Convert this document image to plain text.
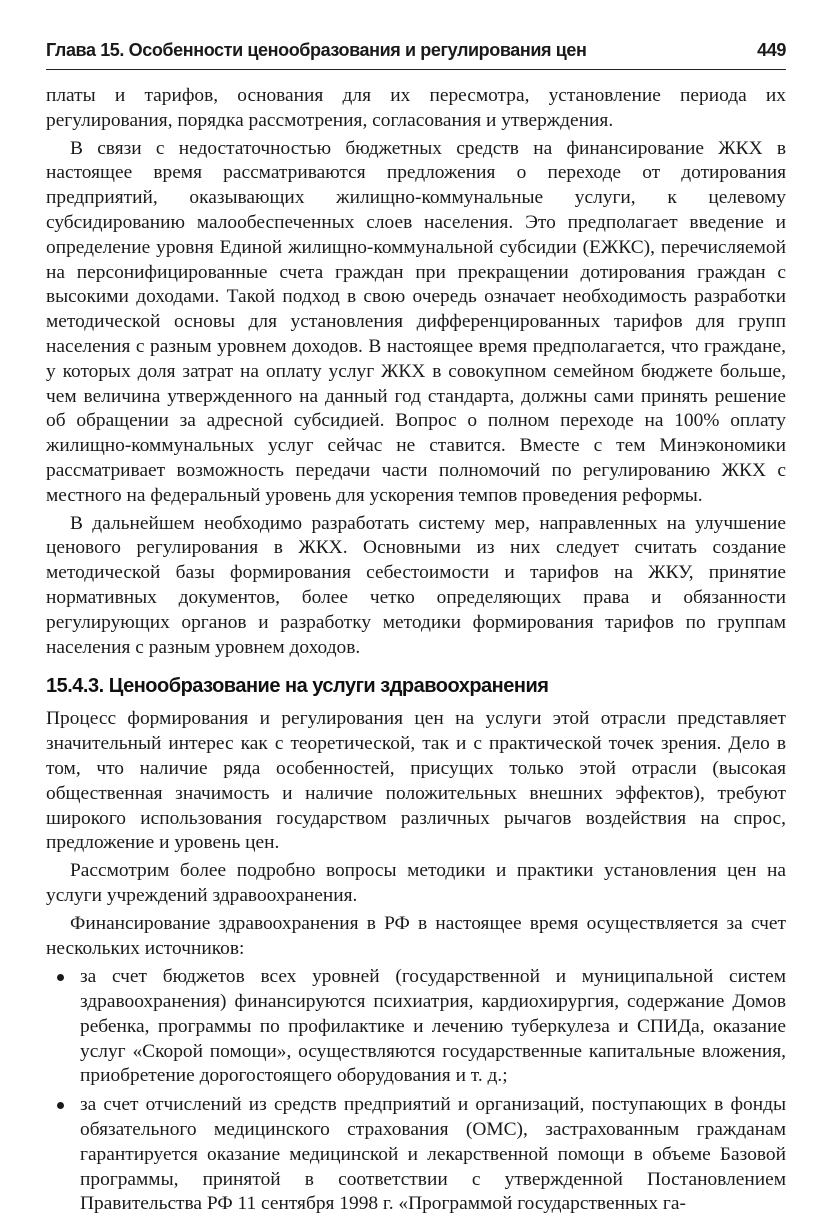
Глава 15. Особенности ценообразования и регулирования цен	449

платы и тарифов, основания для их пересмотра, установление периода их регулирования, порядка рассмотрения, согласования и утверждения.

В связи с недостаточностью бюджетных средств на финансирование ЖКХ в настоящее время рассматриваются предложения о переходе от дотирования предприятий, оказывающих жилищно-коммунальные услуги, к целевому субсидированию малообеспеченных слоев населения. Это предполагает введение и определение уровня Единой жилищно-коммунальной субсидии (ЕЖКС), перечисляемой на персонифицированные счета граждан при прекращении дотирования граждан с высокими доходами. Такой подход в свою очередь означает необходимость разработки методической основы для установления дифференцированных тарифов для групп населения с разным уровнем доходов. В настоящее время предполагается, что граждане, у которых доля затрат на оплату услуг ЖКХ в совокупном семейном бюджете больше, чем величина утвержденного на данный год стандарта, должны сами принять решение об обращении за адресной субсидией. Вопрос о полном переходе на 100% оплату жилищно-коммунальных услуг сейчас не ставится. Вместе с тем Минэкономики рассматривает возможность передачи части полномочий по регулированию ЖКХ с местного на федеральный уровень для ускорения темпов проведения реформы.

В дальнейшем необходимо разработать систему мер, направленных на улучшение ценового регулирования в ЖКХ. Основными из них следует считать создание методической базы формирования себестоимости и тарифов на ЖКУ, принятие нормативных документов, более четко определяющих права и обязанности регулирующих органов и разработку методики формирования тарифов по группам населения с разным уровнем доходов.

15.4.3. Ценообразование на услуги здравоохранения

Процесс формирования и регулирования цен на услуги этой отрасли представляет значительный интерес как с теоретической, так и с практической точек зрения. Дело в том, что наличие ряда особенностей, присущих только этой отрасли (высокая общественная значимость и наличие положительных внешних эффектов), требуют широкого использования государством различных рычагов воздействия на спрос, предложение и уровень цен.

Рассмотрим более подробно вопросы методики и практики установления цен на услуги учреждений здравоохранения.

Финансирование здравоохранения в РФ в настоящее время осуществляется за счет нескольких источников:

за счет бюджетов всех уровней (государственной и муниципальной систем здравоохранения) финансируются психиатрия, кардиохирургия, содержание Домов ребенка, программы по профилактике и лечению туберкулеза и СПИДа, оказание услуг «Скорой помощи», осуществляются государственные капитальные вложения, приобретение дорогостоящего оборудования и т. д.;
за счет отчислений из средств предприятий и организаций, поступающих в фонды обязательного медицинского страхования (ОМС), застрахованным гражданам гарантируется оказание медицинской и лекарственной помощи в объеме Базовой программы, принятой в соответствии с утвержденной Постановлением Правительства РФ 11 сентября 1998 г. «Программой государственных га-
